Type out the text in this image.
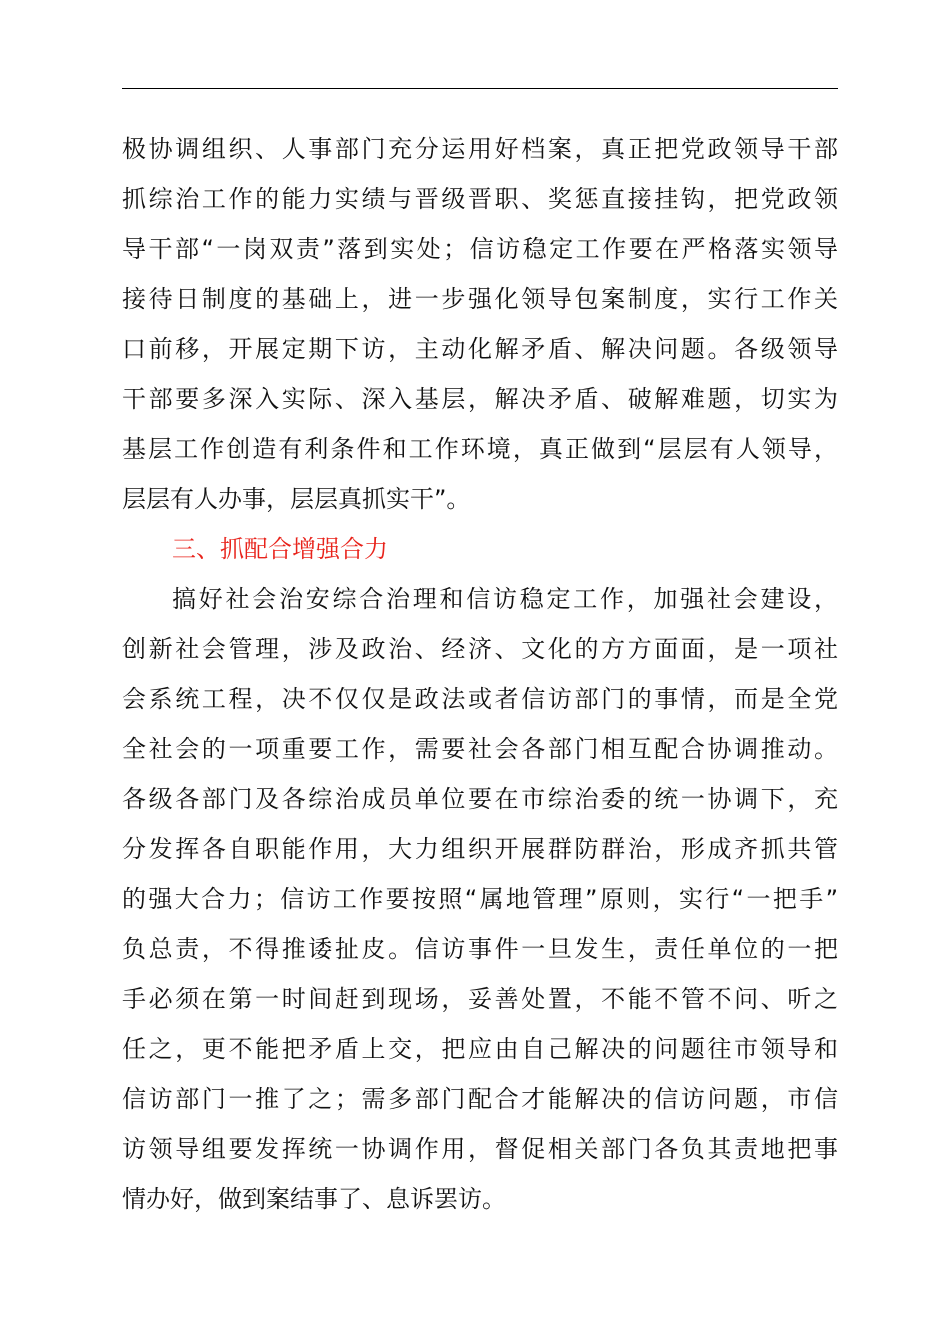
极协调组织、人事部门充分运用好档案，真正把党政领导干部
抓综治工作的能力实绩与晋级晋职、奖惩直接挂钩，把党政领
导干部“一岗双责”落到实处；信访稳定工作要在严格落实领导
接待日制度的基础上，进一步强化领导包案制度，实行工作关
口前移，开展定期下访，主动化解矛盾、解决问题。各级领导
干部要多深入实际、深入基层，解决矛盾、破解难题，切实为
基层工作创造有利条件和工作环境，真正做到“层层有人领导，
层层有人办事，层层真抓实干”。
三、抓配合增强合力
搞好社会治安综合治理和信访稳定工作，加强社会建设，
创新社会管理，涉及政治、经济、文化的方方面面，是一项社
会系统工程，决不仅仅是政法或者信访部门的事情，而是全党
全社会的一项重要工作，需要社会各部门相互配合协调推动。
各级各部门及各综治成员单位要在市综治委的统一协调下，充
分发挥各自职能作用，大力组织开展群防群治，形成齐抓共管
的强大合力；信访工作要按照“属地管理”原则，实行“一把手”
负总责，不得推诿扯皮。信访事件一旦发生，责任单位的一把
手必须在第一时间赶到现场，妥善处置，不能不管不问、听之
任之，更不能把矛盾上交，把应由自己解决的问题往市领导和
信访部门一推了之；需多部门配合才能解决的信访问题，市信
访领导组要发挥统一协调作用，督促相关部门各负其责地把事
情办好，做到案结事了、息诉罢访。
